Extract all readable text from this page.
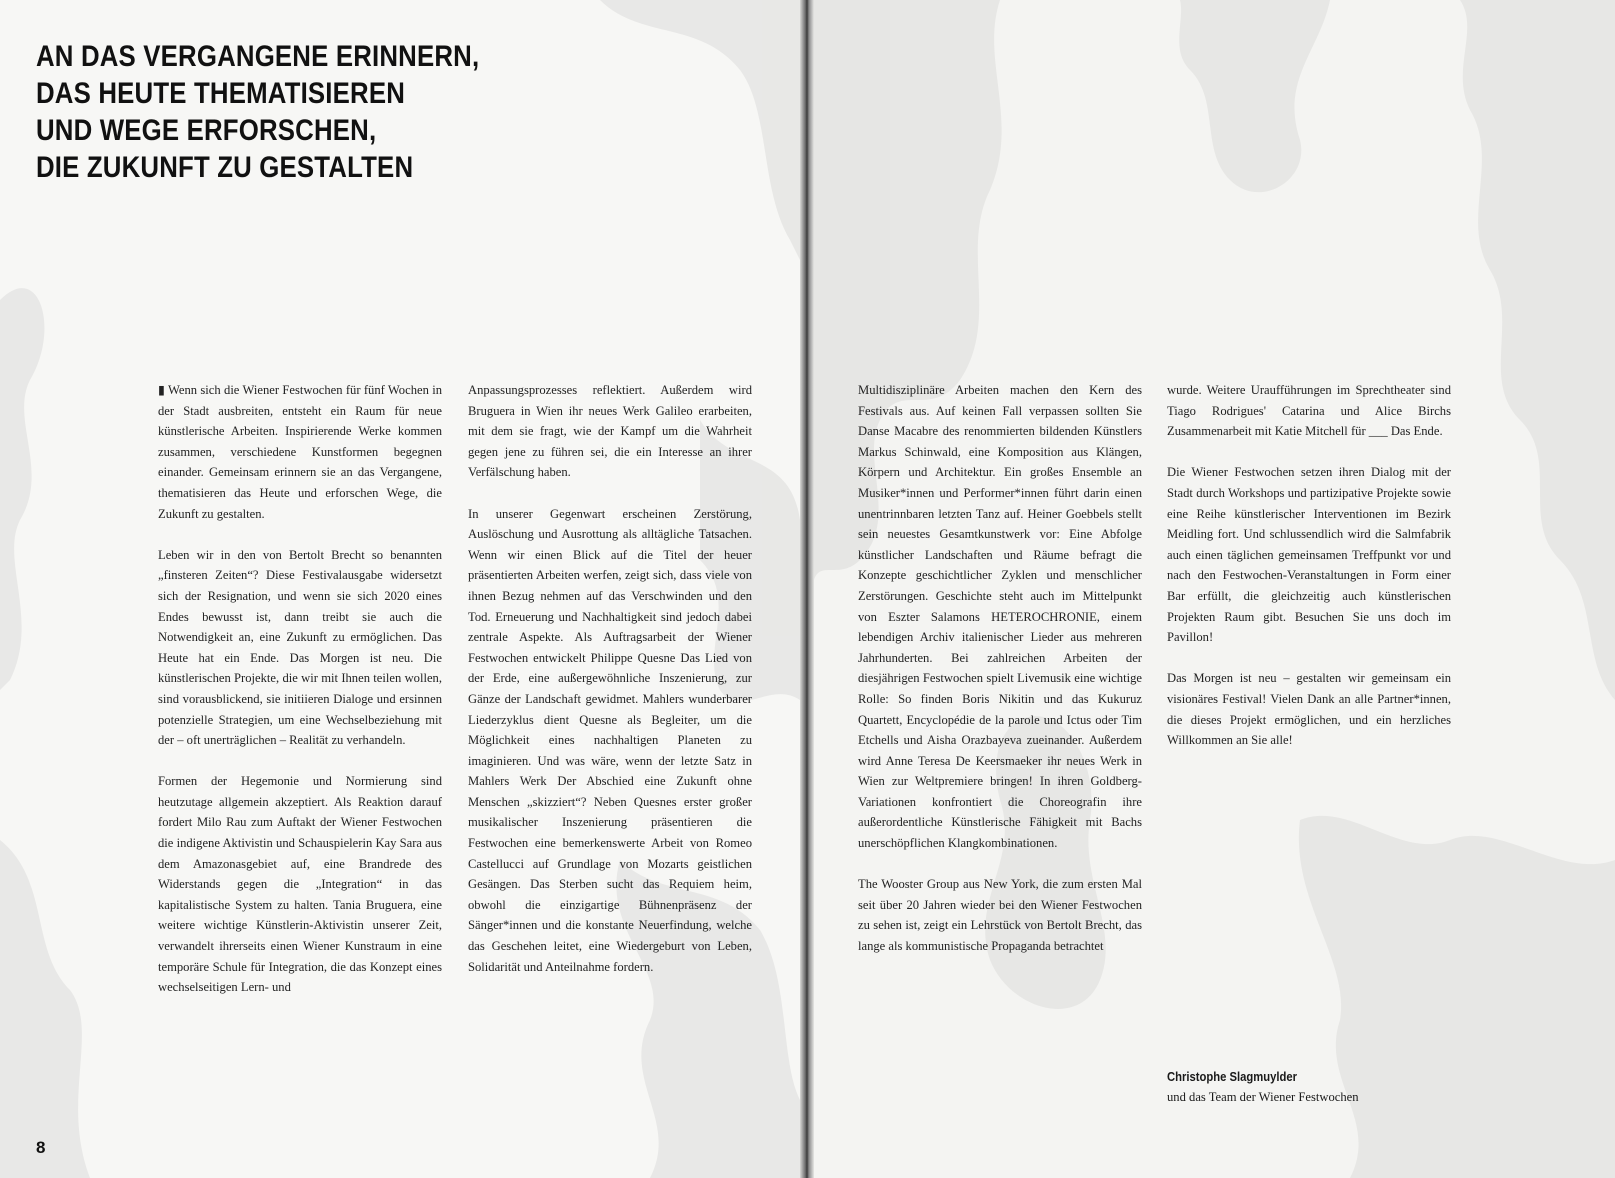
AN DAS VERGANGENE ERINNERN,
DAS HEUTE THEMATISIEREN
UND WEGE ERFORSCHEN,
DIE ZUKUNFT ZU GESTALTEN

▮ Wenn sich die Wiener Festwochen für fünf Wochen in der Stadt ausbreiten, entsteht ein Raum für neue künstlerische Arbeiten. Inspirierende Werke kommen zusammen, verschiedene Kunstformen begegnen einander. Gemeinsam erinnern sie an das Vergangene, thematisieren das Heute und erforschen Wege, die Zukunft zu gestalten.

Leben wir in den von Bertolt Brecht so benannten „finsteren Zeiten“? Diese Festivalausgabe widersetzt sich der Resignation, und wenn sie sich 2020 eines Endes bewusst ist, dann treibt sie auch die Notwendigkeit an, eine Zukunft zu ermöglichen. Das Heute hat ein Ende. Das Morgen ist neu. Die künstlerischen Projekte, die wir mit Ihnen teilen wollen, sind vorausblickend, sie initiieren Dialoge und ersinnen potenzielle Strategien, um eine Wechselbeziehung mit der – oft unerträglichen – Realität zu verhandeln.

Formen der Hegemonie und Normierung sind heutzutage allgemein akzeptiert. Als Reaktion darauf fordert Milo Rau zum Auftakt der Wiener Festwochen die indigene Aktivistin und Schauspielerin Kay Sara aus dem Amazonasgebiet auf, eine Brandrede des Widerstands gegen die „Integration“ in das kapitalistische System zu halten. Tania Bruguera, eine weitere wichtige Künstlerin-Aktivistin unserer Zeit, verwandelt ihrerseits einen Wiener Kunstraum in eine temporäre Schule für Integration, die das Konzept eines wechselseitigen Lern- und

Anpassungsprozesses reflektiert. Außerdem wird Bruguera in Wien ihr neues Werk Galileo erarbeiten, mit dem sie fragt, wie der Kampf um die Wahrheit gegen jene zu führen sei, die ein Interesse an ihrer Verfälschung haben.

In unserer Gegenwart erscheinen Zerstörung, Auslöschung und Ausrottung als alltägliche Tatsachen. Wenn wir einen Blick auf die Titel der heuer präsentierten Arbeiten werfen, zeigt sich, dass viele von ihnen Bezug nehmen auf das Verschwinden und den Tod. Erneuerung und Nachhaltigkeit sind jedoch dabei zentrale Aspekte. Als Auftragsarbeit der Wiener Festwochen entwickelt Philippe Quesne Das Lied von der Erde, eine außergewöhnliche Inszenierung, zur Gänze der Landschaft gewidmet. Mahlers wunderbarer Liederzyklus dient Quesne als Begleiter, um die Möglichkeit eines nachhaltigen Planeten zu imaginieren. Und was wäre, wenn der letzte Satz in Mahlers Werk Der Abschied eine Zukunft ohne Menschen „skizziert“? Neben Quesnes erster großer musikalischer Inszenierung präsentieren die Festwochen eine bemerkenswerte Arbeit von Romeo Castellucci auf Grundlage von Mozarts geistlichen Gesängen. Das Sterben sucht das Requiem heim, obwohl die einzigartige Bühnenpräsenz der Sänger*innen und die konstante Neuerfindung, welche das Geschehen leitet, eine Wiedergeburt von Leben, Solidarität und Anteilnahme fordern.

Multidisziplinäre Arbeiten machen den Kern des Festivals aus. Auf keinen Fall verpassen sollten Sie Danse Macabre des renommierten bildenden Künstlers Markus Schinwald, eine Komposition aus Klängen, Körpern und Architektur. Ein großes Ensemble an Musiker*innen und Performer*innen führt darin einen unentrinnbaren letzten Tanz auf. Heiner Goebbels stellt sein neuestes Gesamtkunstwerk vor: Eine Abfolge künstlicher Landschaften und Räume befragt die Konzepte geschichtlicher Zyklen und menschlicher Zerstörungen. Geschichte steht auch im Mittelpunkt von Eszter Salamons HETEROCHRONIE, einem lebendigen Archiv italienischer Lieder aus mehreren Jahrhunderten. Bei zahlreichen Arbeiten der diesjährigen Festwochen spielt Livemusik eine wichtige Rolle: So finden Boris Nikitin und das Kukuruz Quartett, Encyclopédie de la parole und Ictus oder Tim Etchells und Aisha Orazbayeva zueinander. Außerdem wird Anne Teresa De Keersmaeker ihr neues Werk in Wien zur Weltpremiere bringen! In ihren Goldberg-Variationen konfrontiert die Choreografin ihre außerordentliche Künstlerische Fähigkeit mit Bachs unerschöpflichen Klangkombinationen.

The Wooster Group aus New York, die zum ersten Mal seit über 20 Jahren wieder bei den Wiener Festwochen zu sehen ist, zeigt ein Lehrstück von Bertolt Brecht, das lange als kommunistische Propaganda betrachtet

wurde. Weitere Uraufführungen im Sprechtheater sind Tiago Rodrigues' Catarina und Alice Birchs Zusammenarbeit mit Katie Mitchell für ___ Das Ende.

Die Wiener Festwochen setzen ihren Dialog mit der Stadt durch Workshops und partizipative Projekte sowie eine Reihe künstlerischer Interventionen im Bezirk Meidling fort. Und schlussendlich wird die Salmfabrik auch einen täglichen gemeinsamen Treffpunkt vor und nach den Festwochen-Veranstaltungen in Form einer Bar erfüllt, die gleichzeitig auch künstlerischen Projekten Raum gibt. Besuchen Sie uns doch im Pavillon!

Das Morgen ist neu – gestalten wir gemeinsam ein visionäres Festival! Vielen Dank an alle Partner*innen, die dieses Projekt ermöglichen, und ein herzliches Willkommen an Sie alle!

Christophe Slagmuylder
und das Team der Wiener Festwochen
8
